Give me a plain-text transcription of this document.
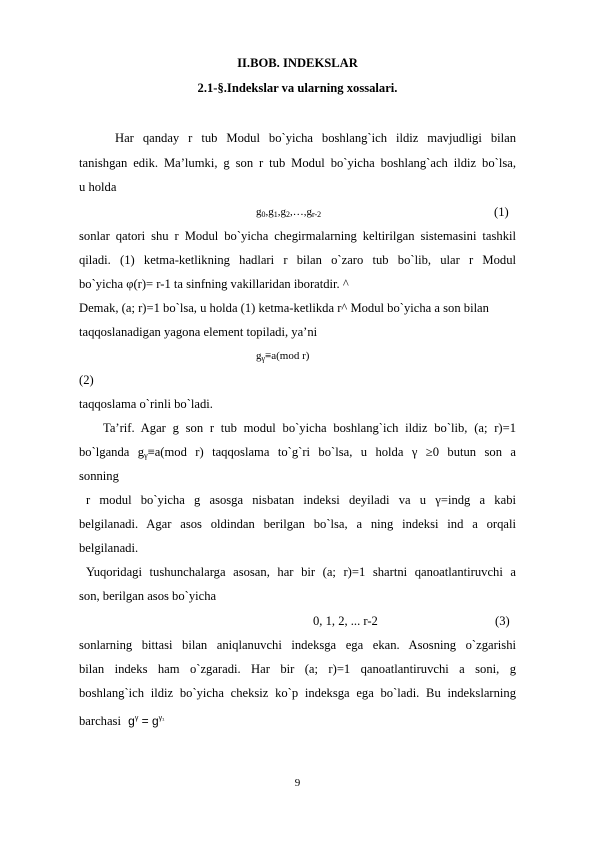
II.BOB. INDEKSLAR
2.1-§.Indekslar va ularning xossalari.
Har qanday r tub Modul bo`yicha boshlang`ich ildiz mavjudligi bilan
tanishgan edik. Ma’lumki, g son r tub Modul bo`yicha boshlang`ach ildiz bo`lsa,
u holda
$g_0,g_1,g_2,\dots,g_{r-2}$	(1)
sonlar qatori shu r Modul bo`yicha chegirmalarning keltirilgan sistemasini tashkil
qiladi. (1) ketma-ketlikning hadlari r bilan o`zaro tub bo`lib, ular r Modul
bo`yicha φ(r)= r-1 ta sinfning vakillaridan iboratdir. ^
Demak, (a; r)=1 bo`lsa, u holda (1) ketma-ketlikda r^ Modul bo`yicha a son bilan
taqqoslanadigan yagona element topiladi, ya’ni
$g_\gamma\equiv a(mod$ r)
(2)
taqqoslama o`rinli bo`ladi.
Ta’rif. Agar g son r tub modul bo`yicha boshlang`ich ildiz bo`lib, (a; r)=1
bo`lganda $g_\gamma\equiv a(mod$ r) taqqoslama to`g`ri bo`lsa, u holda γ ≥0 butun son a
sonning
r modul bo`yicha g asosga nisbatan indeksi deyiladi va u γ=indg a kabi
belgilanadi. Agar asos oldindan berilgan bo`lsa, a ning indeksi ind a orqali
belgilanadi.
Yuqoridagi tushunchalarga asosan, har bir (a; r)=1 shartni qanoatlantiruvchi a
son, berilgan asos bo`yicha
0, 1, 2, ... r-2	(3)
sonlarning bittasi bilan aniqlanuvchi indeksga ega ekan. Asosning o`zgarishi
bilan indeks ham o`zgaradi. Har bir (a; r)=1 qanoatlantiruvchi a soni, g
boshlang`ich ildiz bo`yicha cheksiz ko`p indeksga ega bo`ladi. Bu indekslarning
barchasi $g^\gamma = g^{\gamma_1}$
9
